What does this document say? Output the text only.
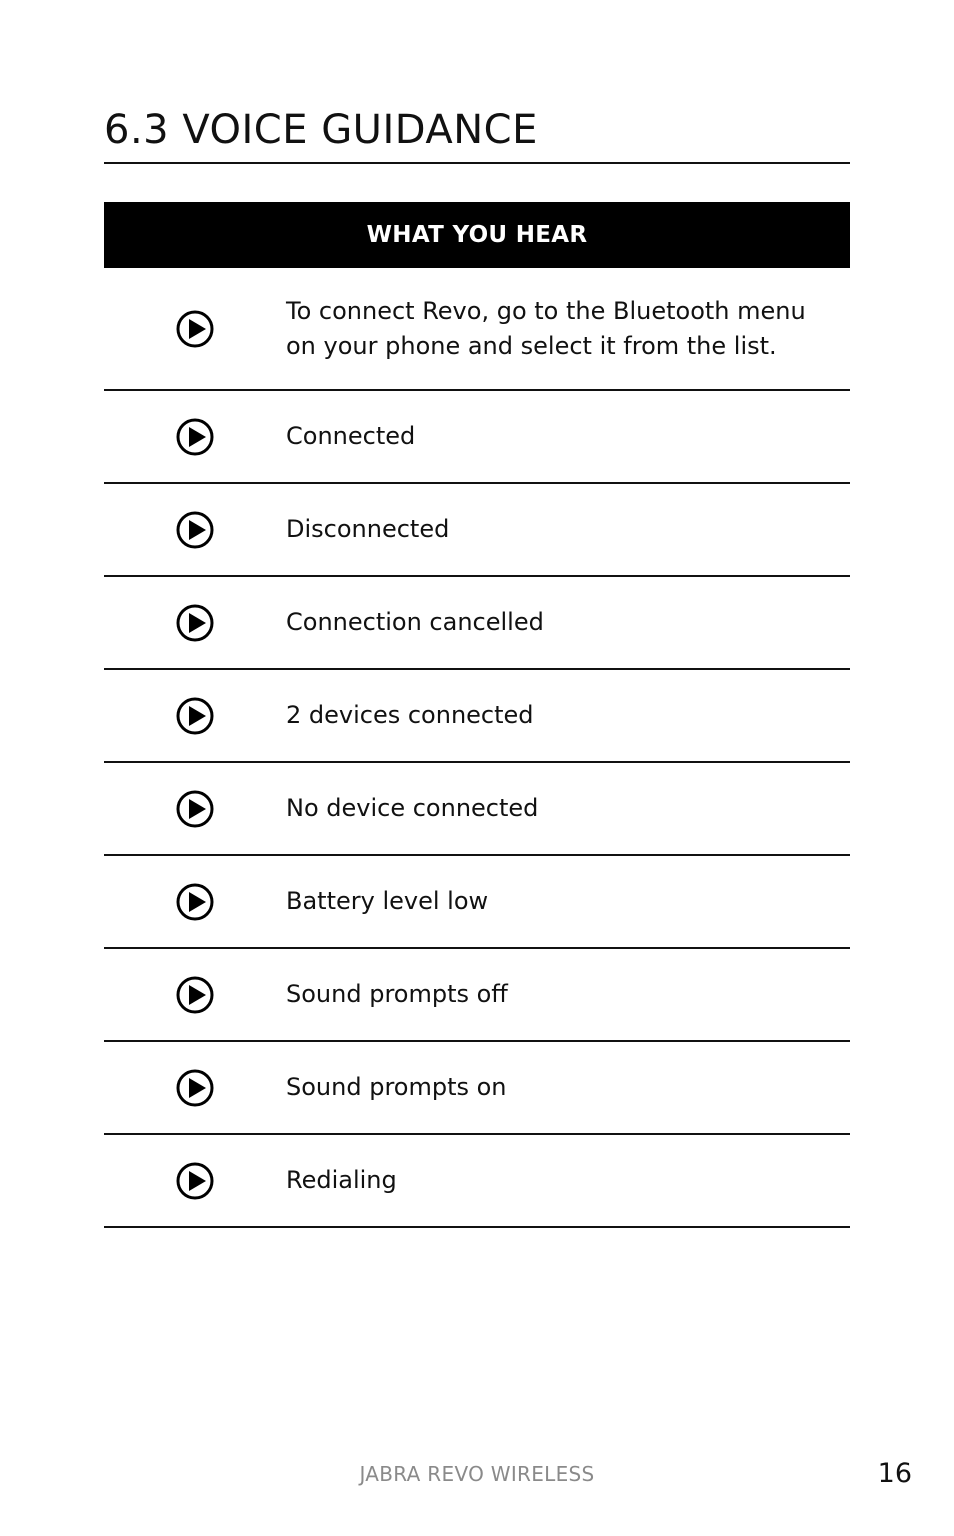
6.3 VOICE GUIDANCE
WHAT YOU HEAR
To connect Revo, go to the Bluetooth menu on your phone and select it from the list.
Connected
Disconnected
Connection cancelled
2 devices connected
No device connected
Battery level low
Sound prompts off
Sound prompts on
Redialing
JABRA REVO WIRELESS	16
